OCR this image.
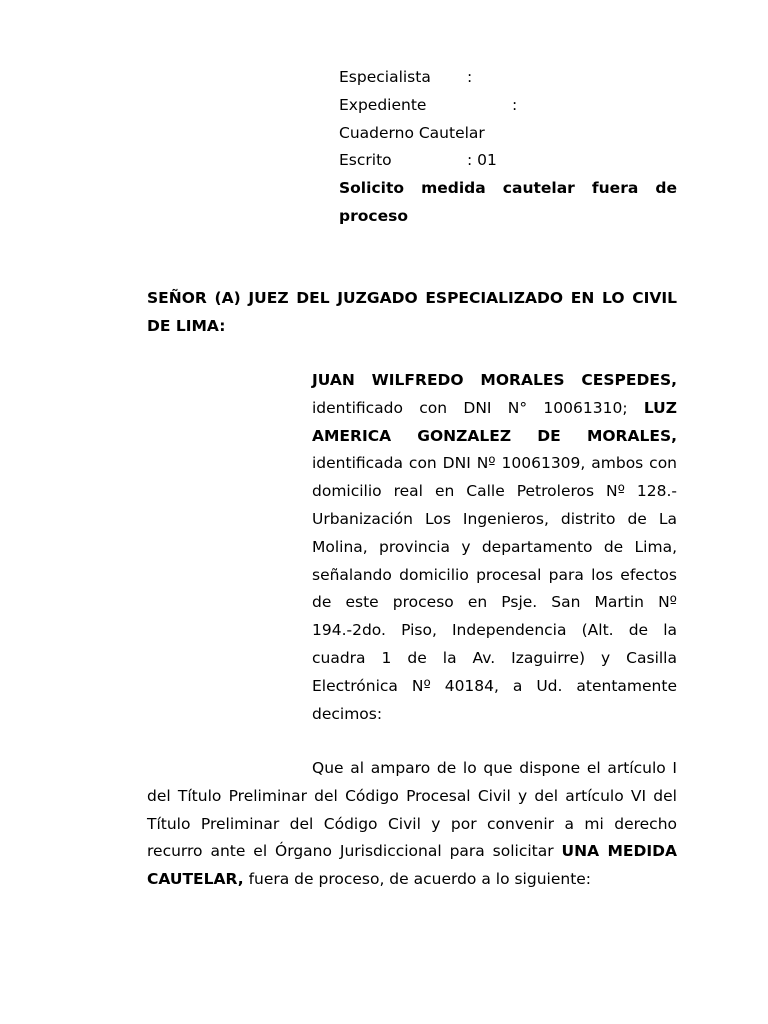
Especialista :
Expediente	:
Cuaderno Cautelar
Escrito	: 01
Solicito medida cautelar fuera de proceso
SEÑOR (A) JUEZ DEL JUZGADO ESPECIALIZADO EN LO CIVIL DE LIMA:
JUAN WILFREDO MORALES CESPEDES, identificado con DNI N° 10061310; LUZ AMERICA GONZALEZ DE MORALES, identificada con DNI Nº 10061309, ambos con domicilio real en Calle Petroleros Nº 128.-Urbanización Los Ingenieros, distrito de La Molina, provincia y departamento de Lima, señalando domicilio procesal para los efectos de este proceso en Psje. San Martin Nº 194.-2do. Piso, Independencia (Alt. de la cuadra 1 de la Av. Izaguirre) y Casilla Electrónica Nº 40184, a Ud. atentamente decimos:
Que al amparo de lo que dispone el artículo I del Título Preliminar del Código Procesal Civil y del artículo VI del Título Preliminar del Código Civil y por convenir a mi derecho recurro ante el Órgano Jurisdiccional para solicitar UNA MEDIDA CAUTELAR, fuera de proceso, de acuerdo a lo siguiente:
